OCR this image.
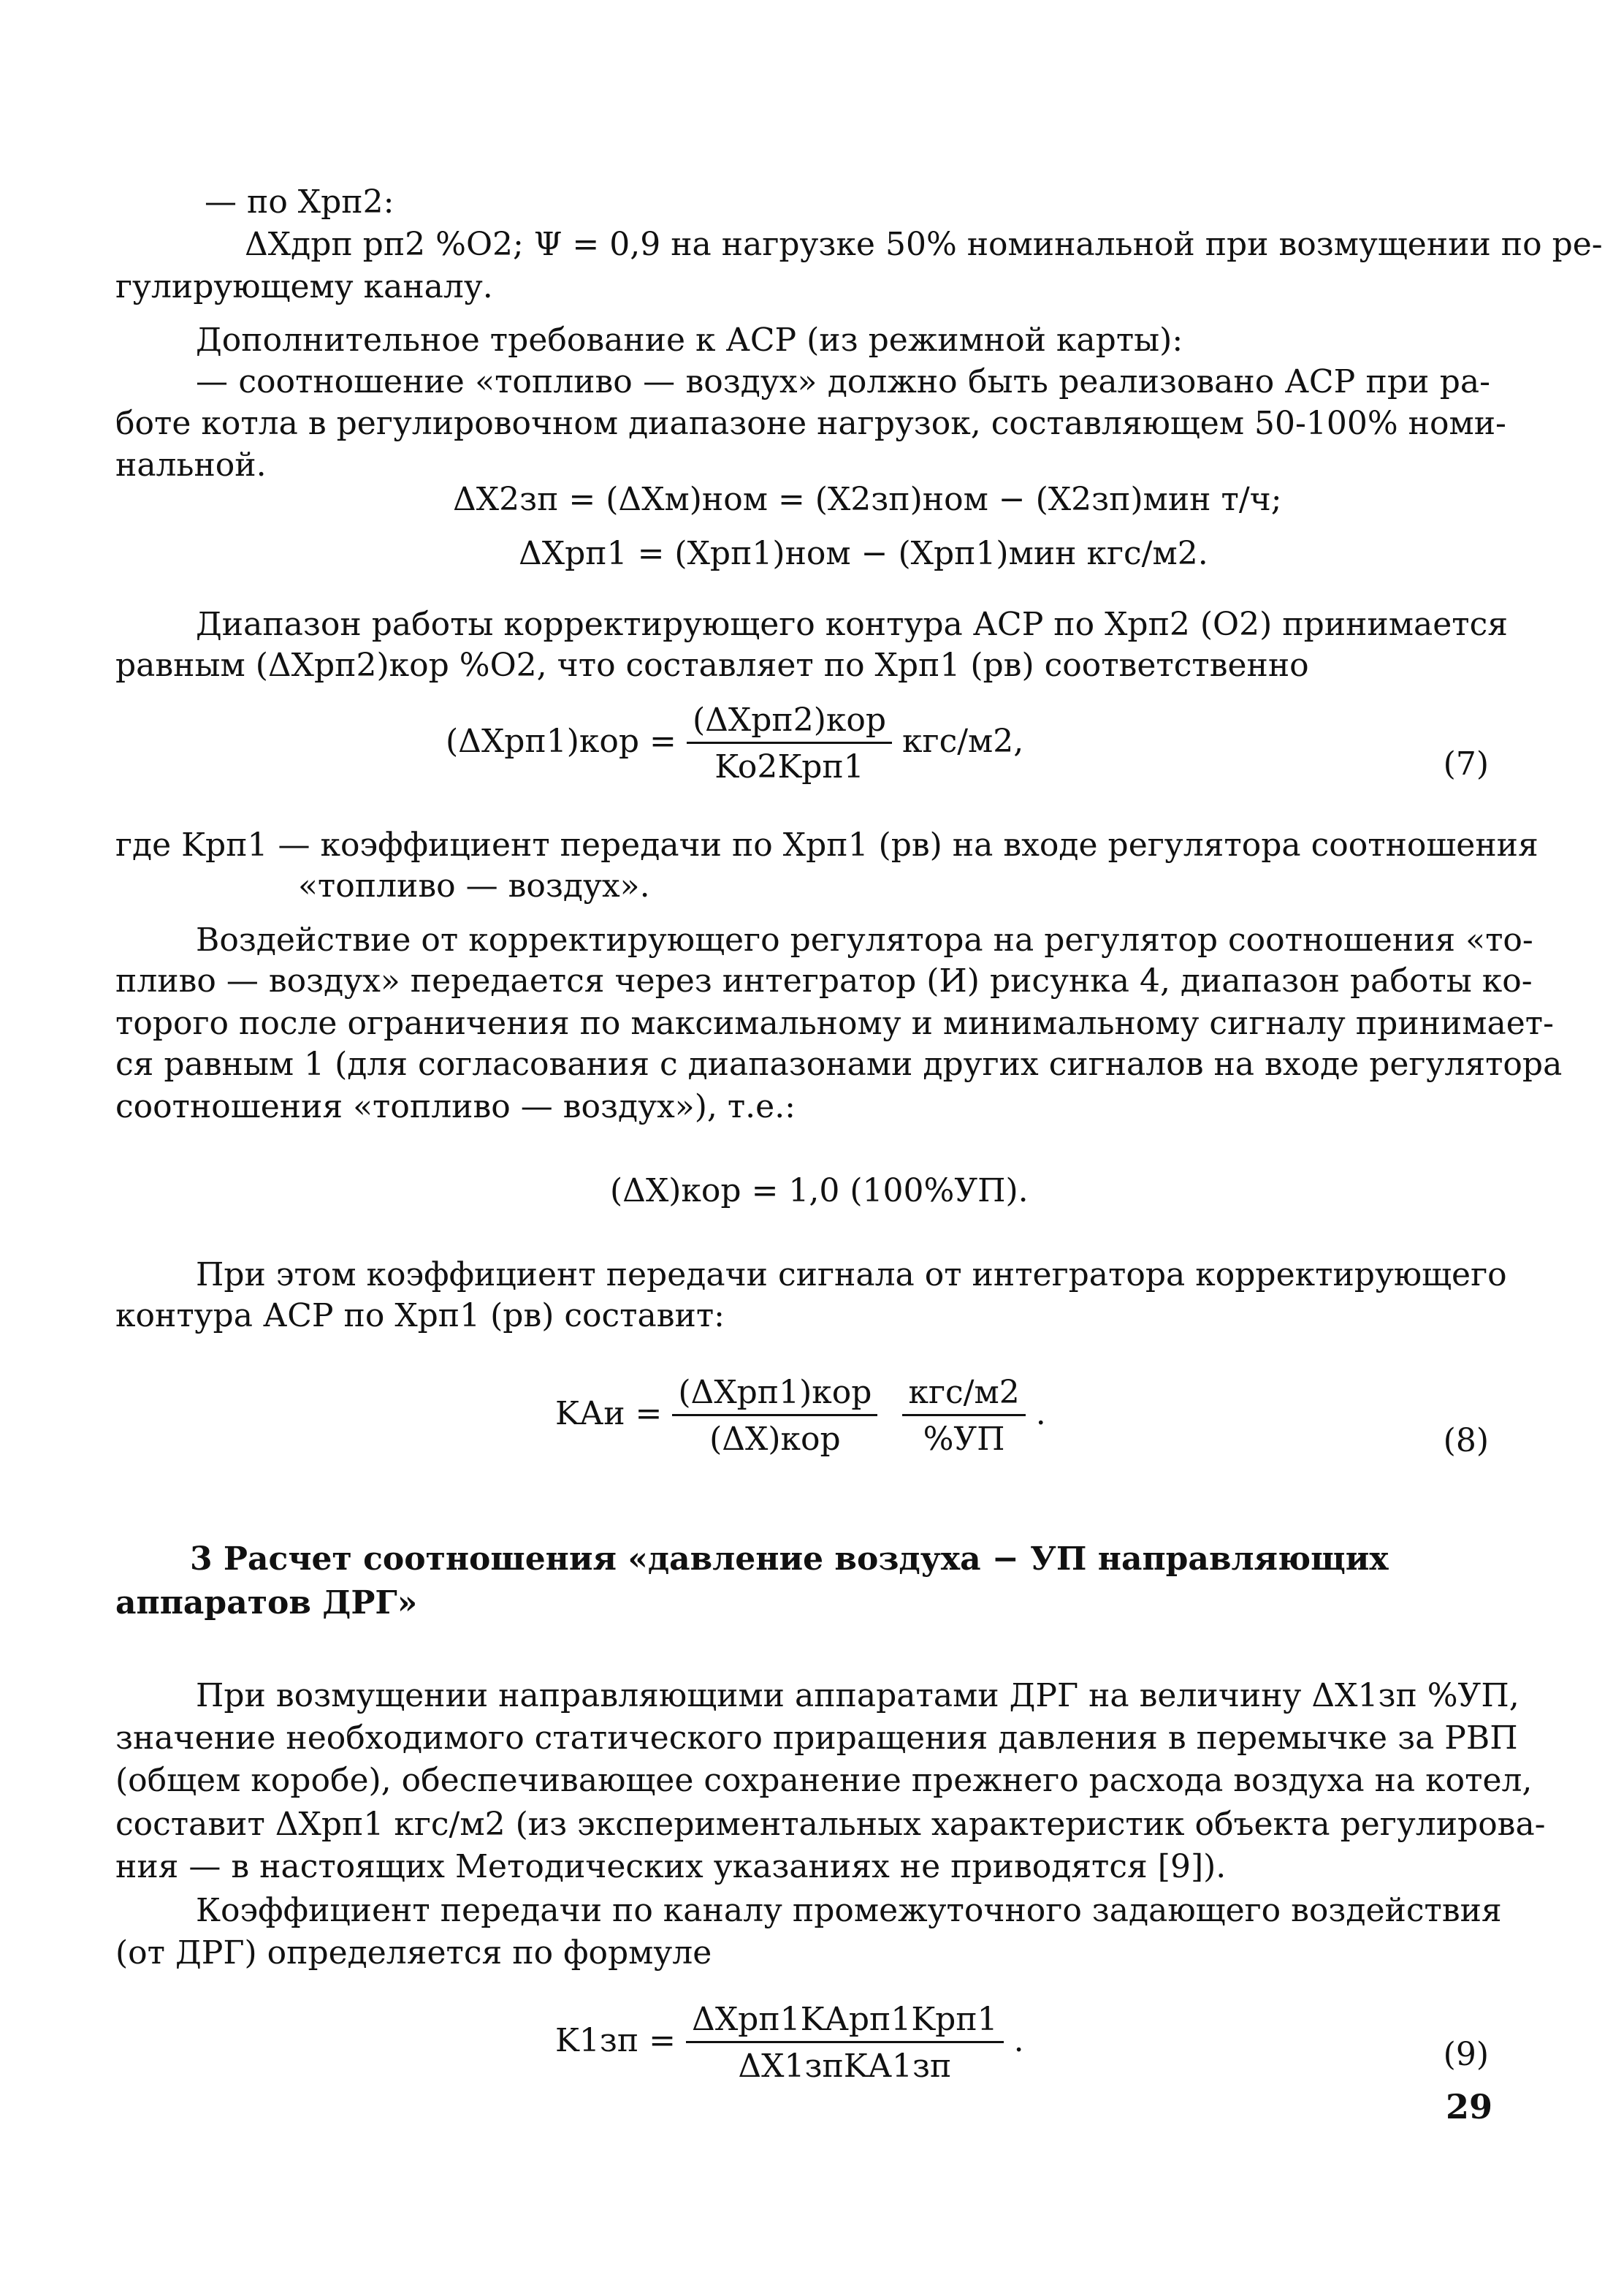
— по Xрп2:
ΔXдрп рп2 %O2; Ψ = 0,9 на нагрузке 50% номинальной при возмущении по ре-
гулирующему каналу.
Дополнительное требование к АСР (из режимной карты):
— соотношение «топливо — воздух» должно быть реализовано АСР при ра-
боте котла в регулировочном диапазоне нагрузок, составляющем 50-100% номи-
нальной.
ΔX2зп = (ΔXм)ном = (X2зп)ном − (X2зп)мин т/ч;
ΔXрп1 = (Xрп1)ном − (Xрп1)мин кгс/м2.
Диапазон работы корректирующего контура АСР по Xрп2 (O2) принимается
равным (ΔXрп2)кор %O2, что составляет по Xрп1 (pв) соответственно
$(\Delta Xрп1)кор = \frac{\text{(ΔXрп2)кор}}{\text{Ko2Kрп1}} кгс/м2$,
(7)
где Kрп1 — коэффициент передачи по Xрп1 (pв) на входе регулятора соотношения
«топливо — воздух».
Воздействие от корректирующего регулятора на регулятор соотношения «то-
пливо — воздух» передается через интегратор (И) рисунка 4, диапазон работы ко-
торого после ограничения по максимальному и минимальному сигналу принимает-
ся равным 1 (для согласования с диапазонами других сигналов на входе регулятора
соотношения «топливо — воздух»), т.е.:
(ΔX)кор = 1,0 (100%УП).
При этом коэффициент передачи сигнала от интегратора корректирующего
контура АСР по Xрп1 (pв) составит:
KАи = $\frac{\text{(ΔXрп1)кор}}{\text{(ΔX)кор}}$
$\frac{\text{кгс/м2}}{\%УП}$ .
(8)
3 Расчет соотношения «давление воздуха − УП направляющих
аппаратов ДРГ»
При возмущении направляющими аппаратами ДРГ на величину ΔX1зп %УП,
значение необходимого статического приращения давления в перемычке за РВП
(общем коробе), обеспечивающее сохранение прежнего расхода воздуха на котел,
составит ΔXрп1 кгс/м2 (из экспериментальных характеристик объекта регулирова-
ния — в настоящих Методических указаниях не приводятся [9]).
Коэффициент передачи по каналу промежуточного задающего воздействия
(от ДРГ) определяется по формуле
$K1зп = \frac{\text{ΔXрп1KАрп1Kрп1}}{\text{ΔX1зпKА1зп}}$ .	(9)
29
